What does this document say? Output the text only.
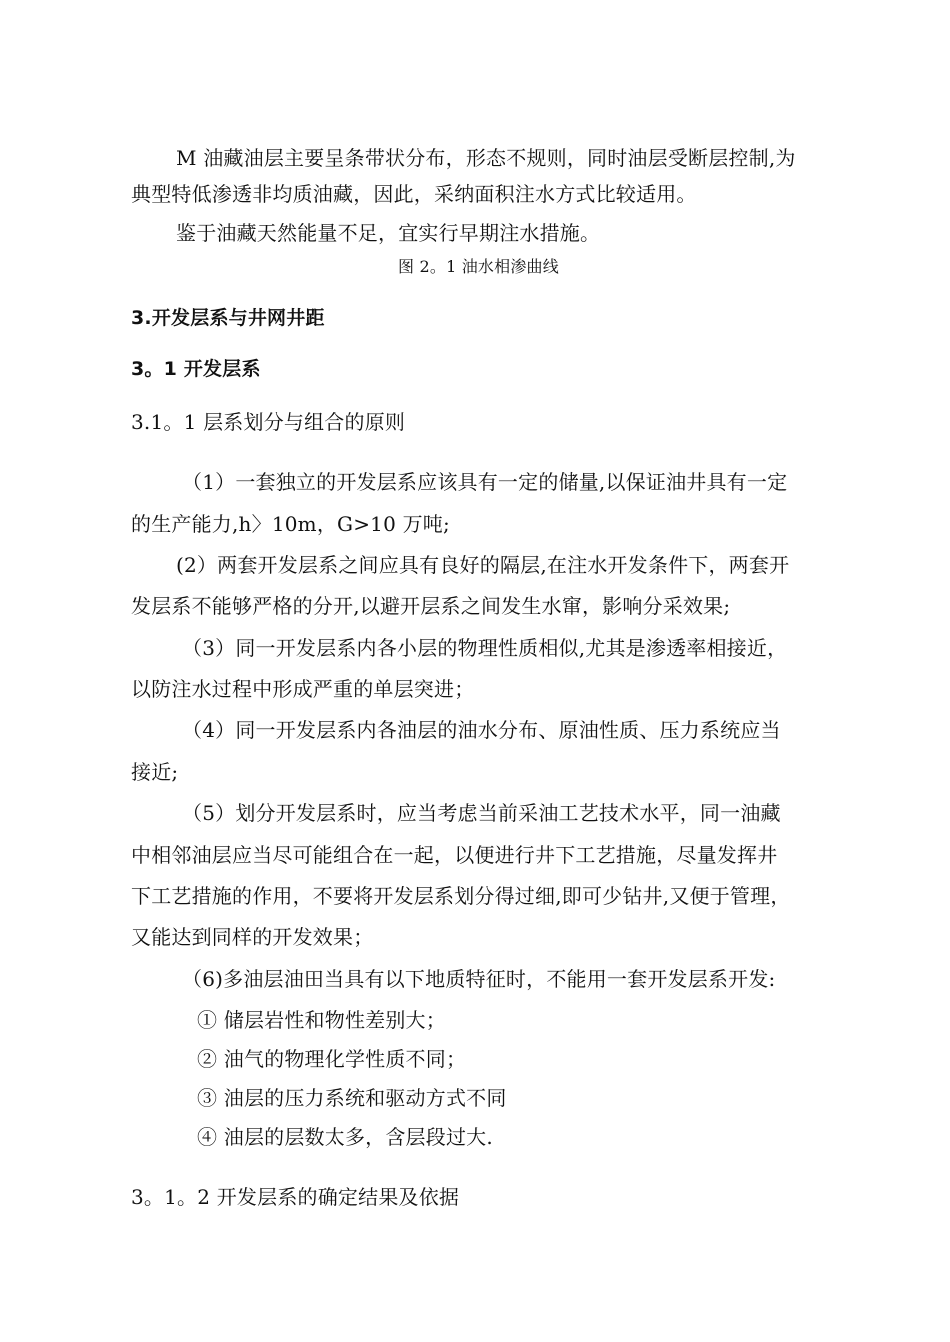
M 油藏油层主要呈条带状分布，形态不规则，同时油层受断层控制,为
典型特低渗透非均质油藏，因此，采纳面积注水方式比较适用。
鉴于油藏天然能量不足，宜实行早期注水措施。
图 2。1 油水相渗曲线
3.开发层系与井网井距
3。1 开发层系
3.1。1 层系划分与组合的原则
（1）一套独立的开发层系应该具有一定的储量,以保证油井具有一定
的生产能力,h〉10m，G>10 万吨;
(2）两套开发层系之间应具有良好的隔层,在注水开发条件下，两套开
发层系不能够严格的分开,以避开层系之间发生水窜，影响分采效果;
（3）同一开发层系内各小层的物理性质相似,尤其是渗透率相接近，
以防注水过程中形成严重的单层突进；
（4）同一开发层系内各油层的油水分布、原油性质、压力系统应当
接近;
（5）划分开发层系时，应当考虑当前采油工艺技术水平，同一油藏
中相邻油层应当尽可能组合在一起，以便进行井下工艺措施，尽量发挥井
下工艺措施的作用，不要将开发层系划分得过细,即可少钻井,又便于管理，
又能达到同样的开发效果；
（6)多油层油田当具有以下地质特征时，不能用一套开发层系开发:
① 储层岩性和物性差别大；
② 油气的物理化学性质不同；
③ 油层的压力系统和驱动方式不同
④ 油层的层数太多，含层段过大.
3。1。2 开发层系的确定结果及依据
